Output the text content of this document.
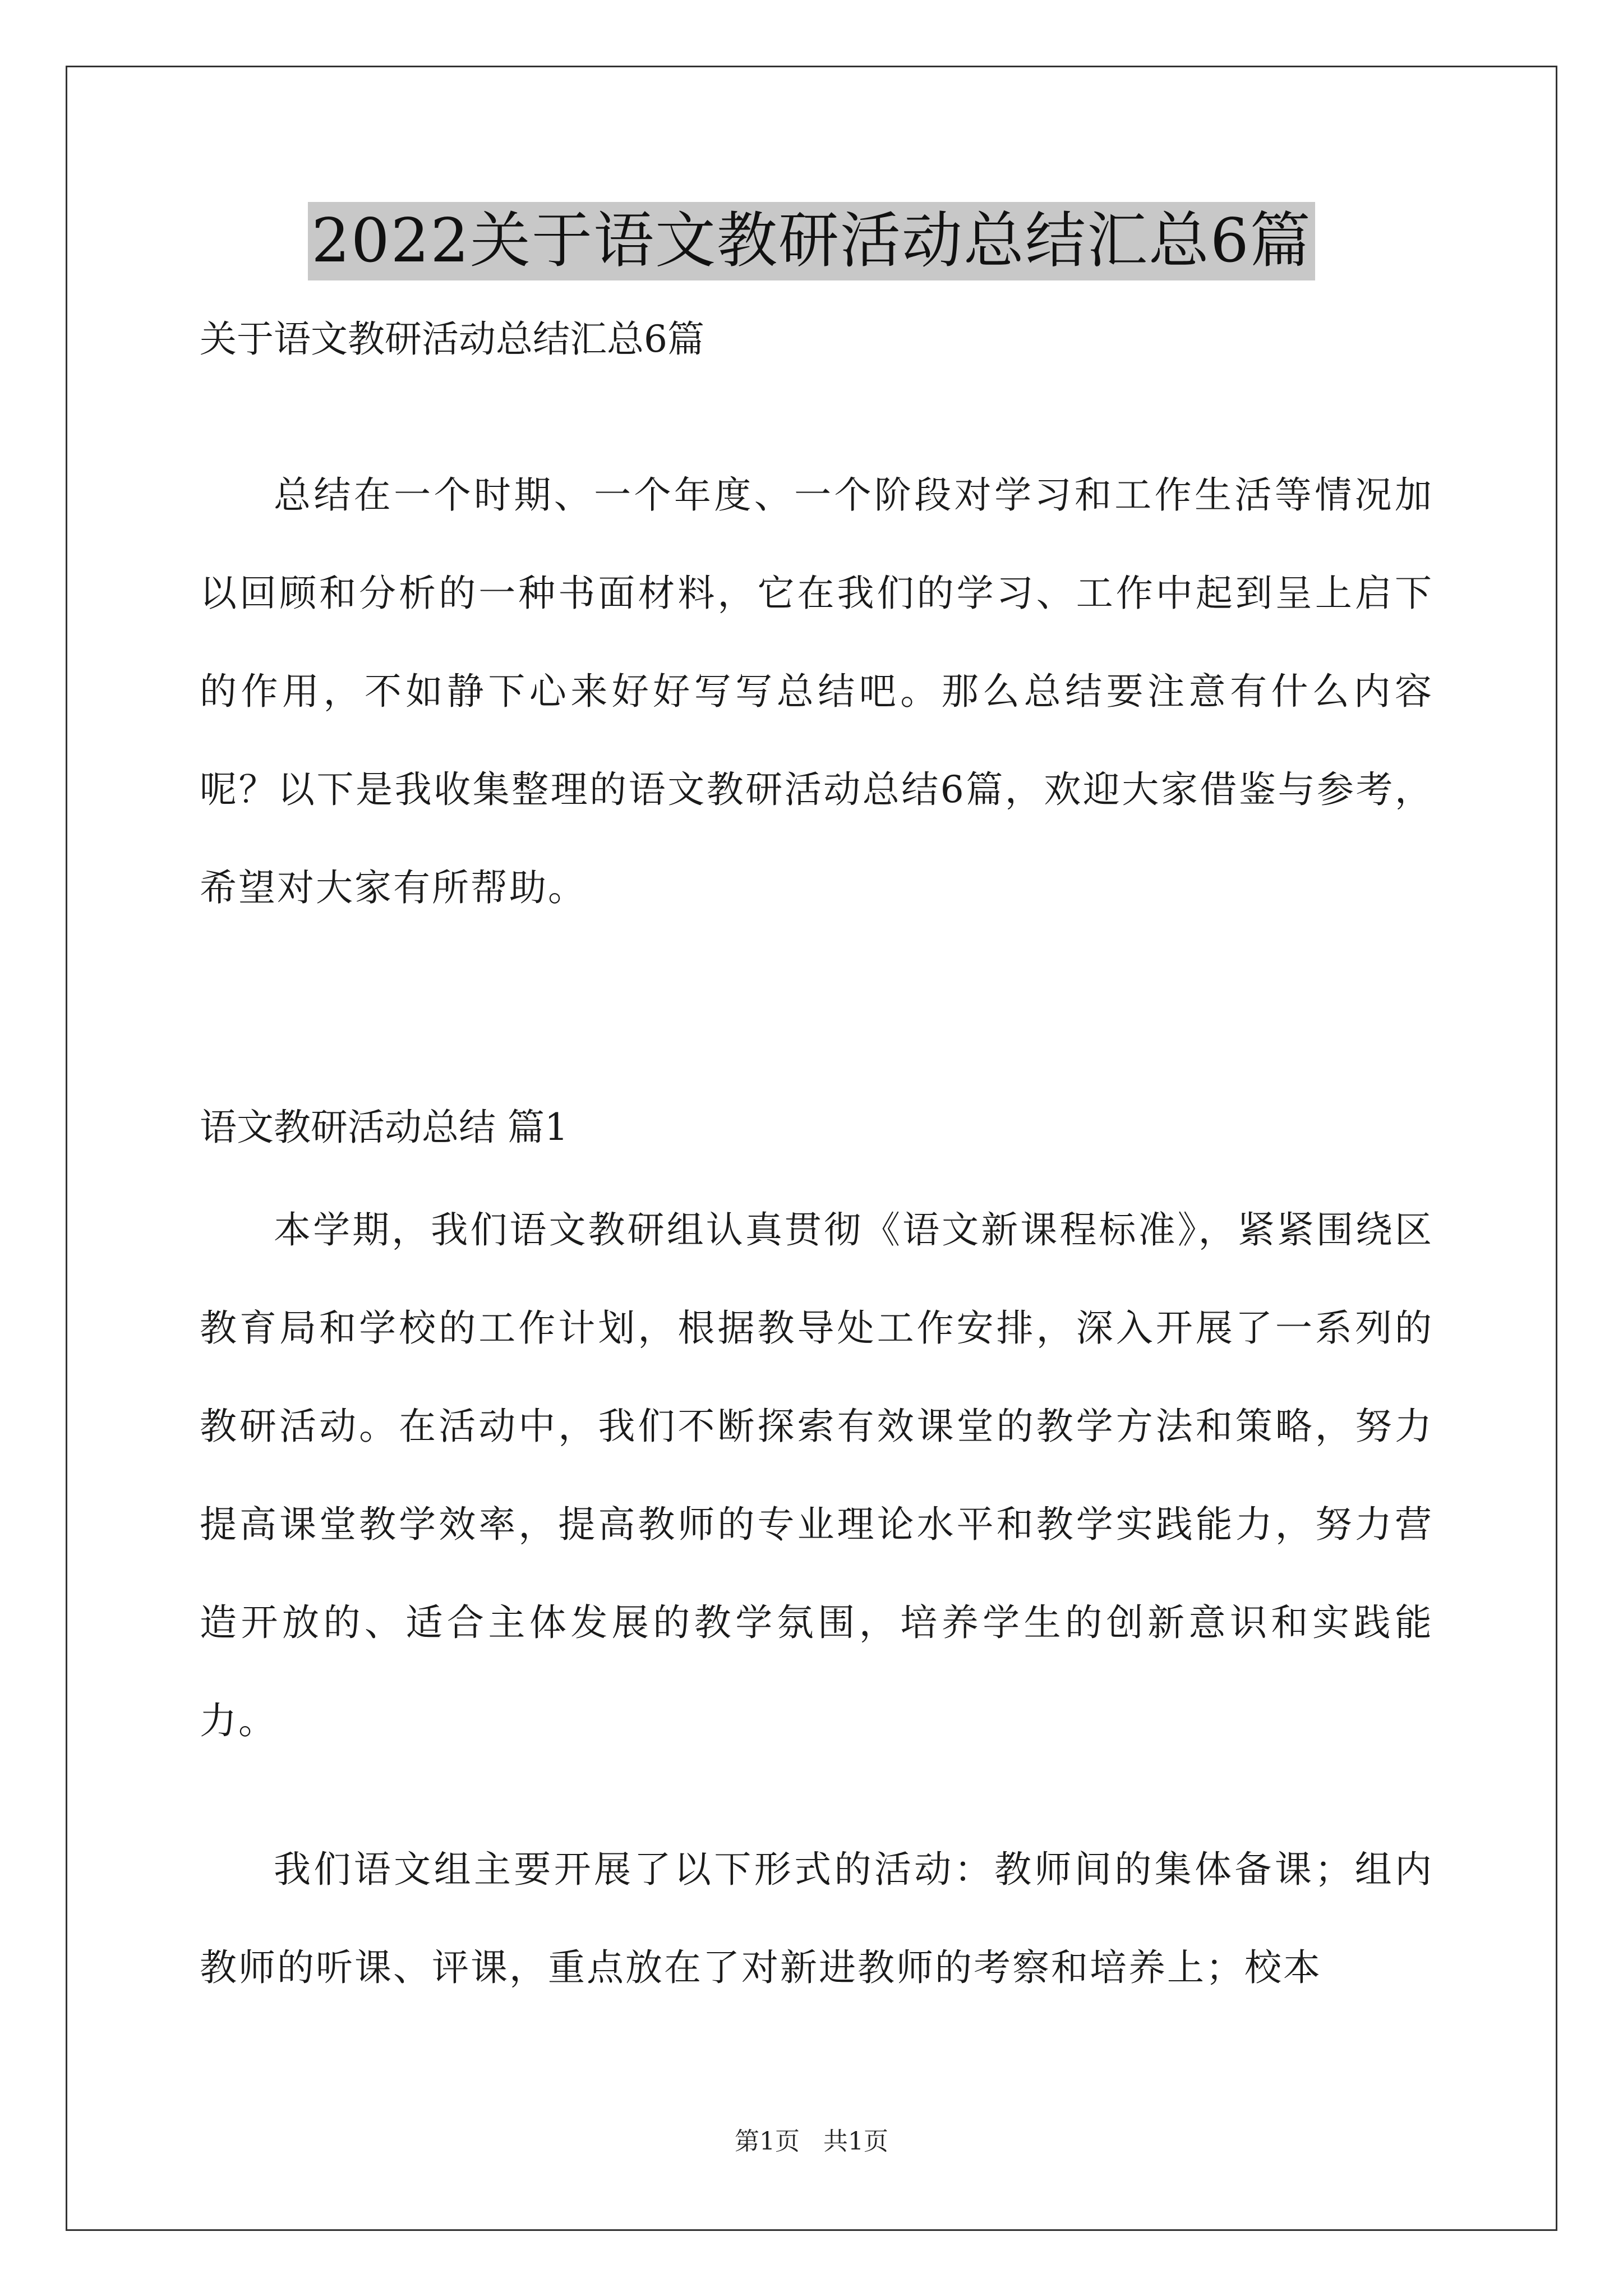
2022关于语文教研活动总结汇总6篇
关于语文教研活动总结汇总6篇

总结在一个时期、一个年度、一个阶段对学习和工作生活等情况加以回顾和分析的一种书面材料，它在我们的学习、工作中起到呈上启下的作用，不如静下心来好好写写总结吧。那么总结要注意有什么内容呢？以下是我收集整理的语文教研活动总结6篇，欢迎大家借鉴与参考，希望对大家有所帮助。

语文教研活动总结 篇1

本学期，我们语文教研组认真贯彻《语文新课程标准》，紧紧围绕区教育局和学校的工作计划，根据教导处工作安排，深入开展了一系列的教研活动。在活动中，我们不断探索有效课堂的教学方法和策略，努力提高课堂教学效率，提高教师的专业理论水平和教学实践能力，努力营造开放的、适合主体发展的教学氛围，培养学生的创新意识和实践能力。

我们语文组主要开展了以下形式的活动：教师间的集体备课；组内教师的听课、评课，重点放在了对新进教师的考察和培养上；校本

第1页   共1页
